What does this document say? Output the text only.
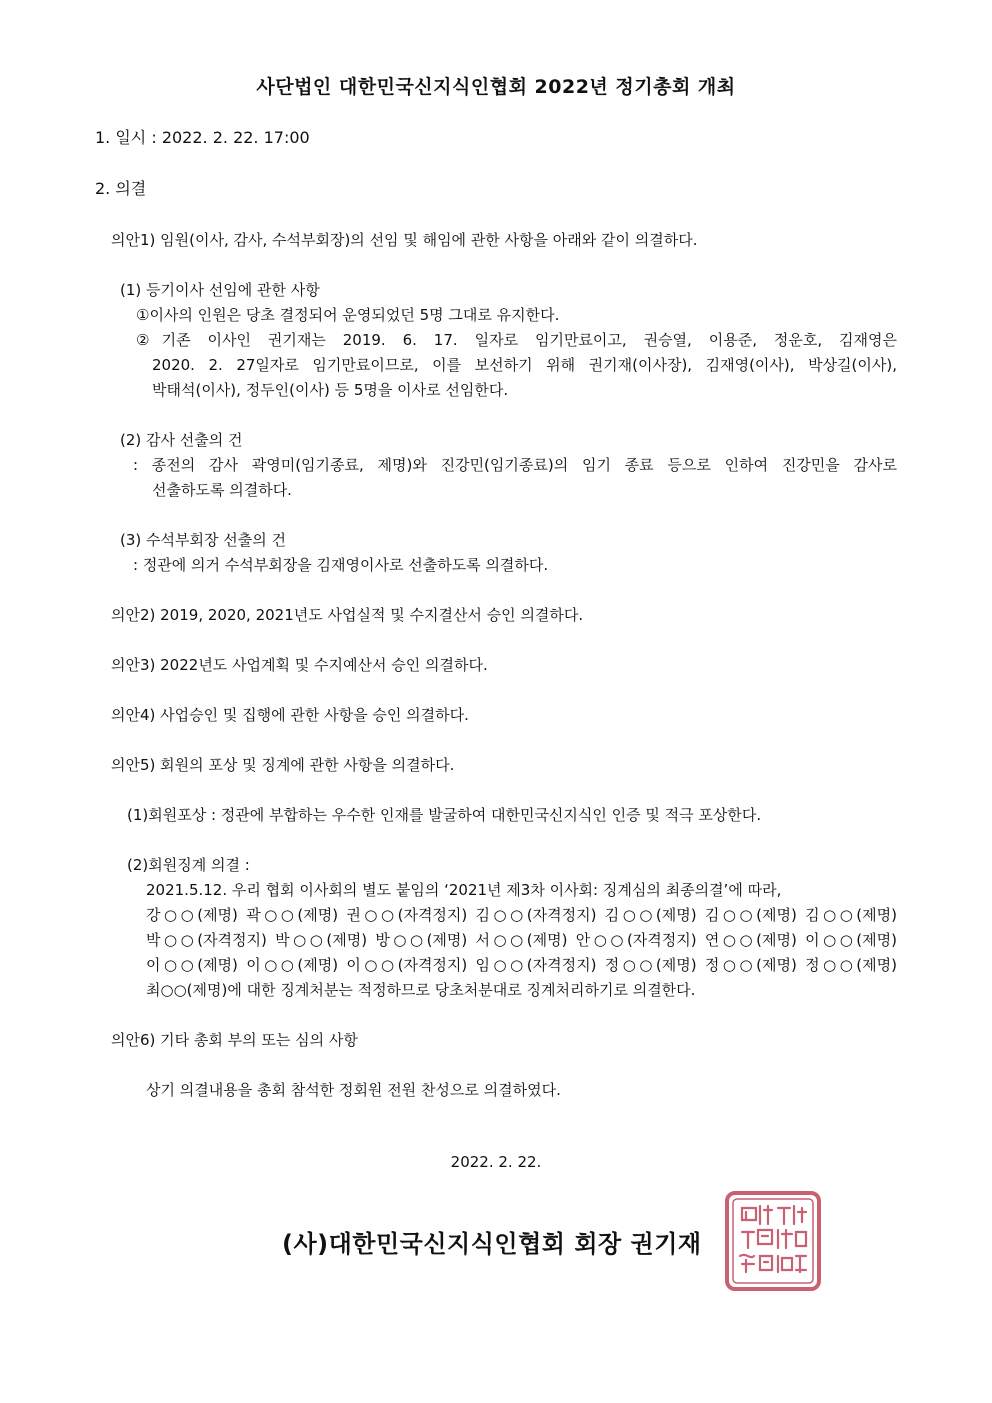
사단법인 대한민국신지식인협회 2022년 정기총회 개최
1. 일시 : 2022. 2. 22. 17:00
2. 의결
의안1) 임원(이사, 감사, 수석부회장)의 선임 및 해임에 관한 사항을 아래와 같이 의결하다.
(1) 등기이사 선임에 관한 사항
①이사의 인원은 당초 결정되어 운영되었던 5명 그대로 유지한다.
②기존 이사인 권기재는 2019. 6. 17. 일자로 임기만료이고, 권승열, 이용준, 정운호, 김재영은
2020. 2. 27일자로 임기만료이므로, 이를 보선하기 위해 권기재(이사장), 김재영(이사), 박상길(이사),
박태석(이사), 정두인(이사) 등 5명을 이사로 선임한다.
(2) 감사 선출의 건
: 종전의 감사 곽영미(임기종료, 제명)와 진강민(임기종료)의 임기 종료 등으로 인하여 진강민을 감사로
선출하도록 의결하다.
(3) 수석부회장 선출의 건
: 정관에 의거 수석부회장을 김재영이사로 선출하도록 의결하다.
의안2) 2019, 2020, 2021년도 사업실적 및 수지결산서 승인 의결하다.
의안3) 2022년도 사업계획 및 수지예산서 승인 의결하다.
의안4) 사업승인 및 집행에 관한 사항을 승인 의결하다.
의안5) 회원의 포상 및 징계에 관한 사항을 의결하다.
(1)회원포상 : 정관에 부합하는 우수한 인재를 발굴하여 대한민국신지식인 인증 및 적극 포상한다.
(2)회원징계 의결 :
2021.5.12. 우리 협회 이사회의 별도 붙임의 ‘2021년 제3차 이사회: 징계심의 최종의결’에 따라,
강○○(제명) 곽○○(제명) 권○○(자격정지) 김○○(자격정지) 김○○(제명) 김○○(제명) 김○○(제명)
박○○(자격정지) 박○○(제명) 방○○(제명) 서○○(제명) 안○○(자격정지) 연○○(제명) 이○○(제명)
이○○(제명) 이○○(제명) 이○○(자격정지) 임○○(자격정지) 정○○(제명) 정○○(제명) 정○○(제명)
최○○(제명)에 대한 징계처분는 적정하므로 당초처분대로 징계처리하기로 의결한다.
의안6) 기타 총회 부의 또는 심의 사항
상기 의결내용을 총회 참석한 정회원 전원 찬성으로 의결하였다.
2022. 2. 22.
(사)대한민국신지식인협회 회장 권기재
